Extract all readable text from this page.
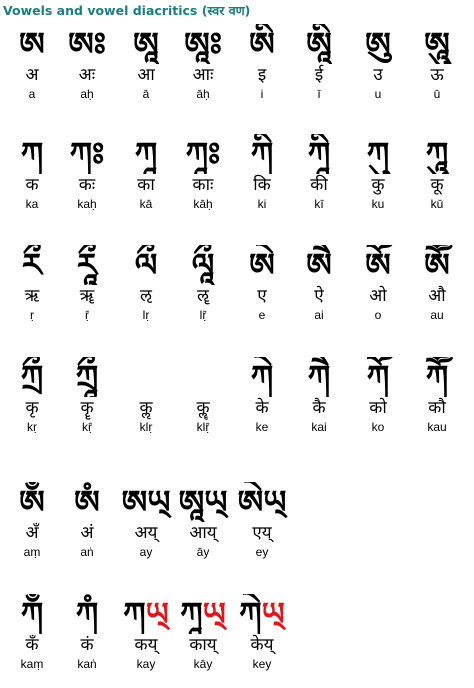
Vowels and vowel diacritics (स्वर वण)
ཨ
अ
a
ཨཿ
अः
aḥ
ཨཱ
आ
ā
ཨཱཿ
आः
āḥ
ཨི
इ
i
ཨཱི
ई
ī
ཨུ
उ
u
ཨཱུ
ऊ
ū
ཀ
क
ka
ཀ
कः
kaḥ
ཀ
का
kā
ཀ
काः
kāḥ
ཀ
कि
ki
ཀ
की
kī
ཀ
कु
ku
ཀ
कू
kū
རྀ
ऋ
ṛ
རཱྀ
ॠ
ṝ
ལྀ
ऌ
lṛ
ལཱྀ
ॡ
lṝ
ཨེ
ए
e
ཨཻ
ऐ
ai
ཨོ
ओ
o
ཨཽ
औ
au
ཀ
कृ
kṛ
ཀ
कॄ
kṝ
कॢ
klṛ
कॣ
klṝ
ཀ
के
ke
ཀ
कै
kai
ཀ
को
ko
ཀ
कौ
kau
ཨྃ
अँ
aṃ
ཨཾ
अं
aṅ
ཨཡ྄
अय्
ay
ཨཱཡ྄
आय्
āy
ཨེཡ྄
एय्
ey
ཀ
कँ
kaṃ
ཀ
कं
kaṅ
ཀཡ྄
कय्
kay
ཀཱཡ྄
काय्
kāy
ཀེཡ྄
केय्
key
